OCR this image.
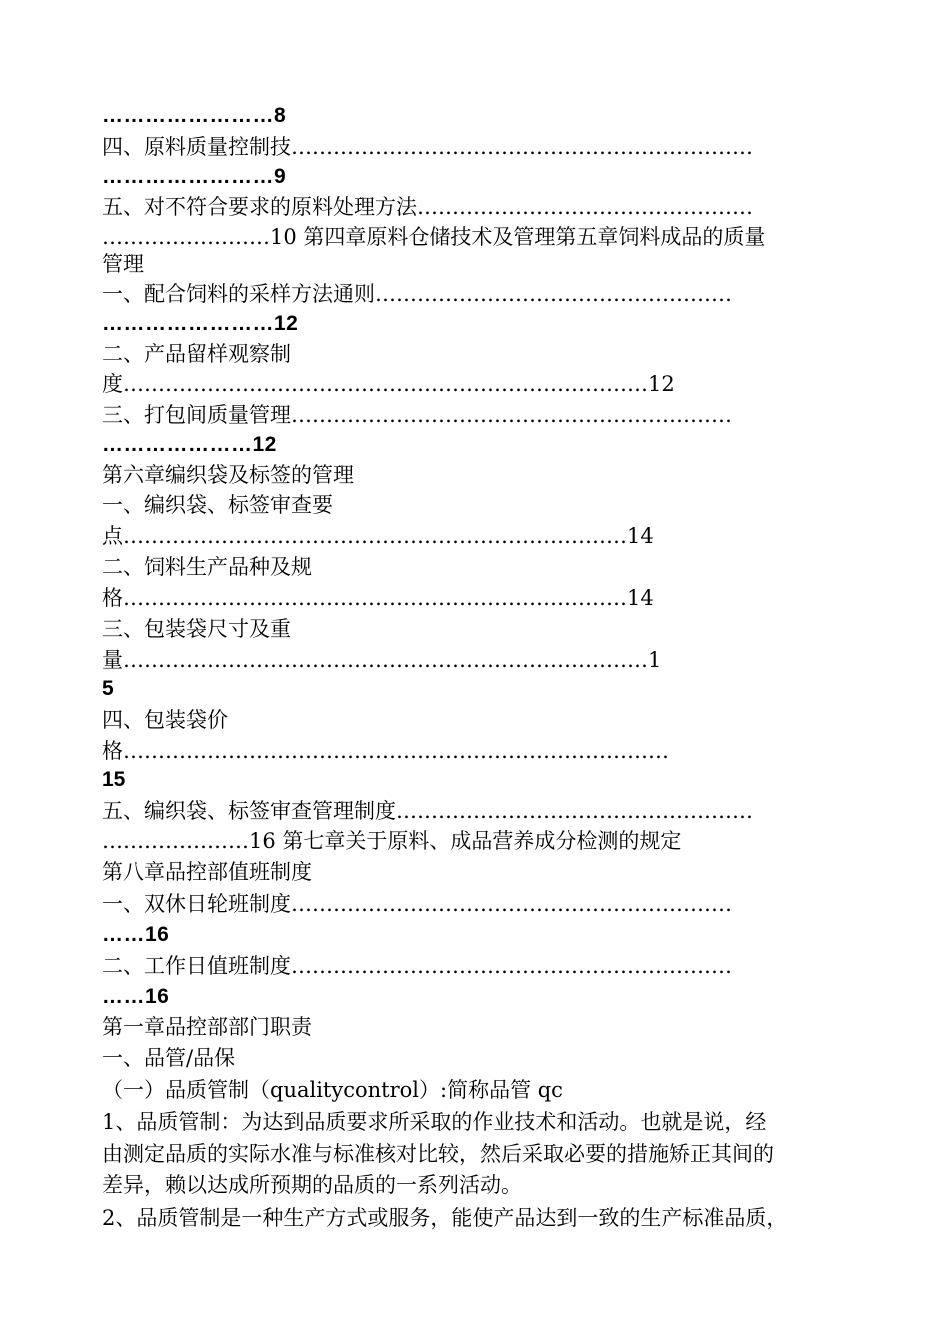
……………………8
四、原料质量控制技…………………………………………………………
……………………9
五、对不符合要求的原料处理方法…………………………………………
……………………10 第四章原料仓储技术及管理第五章饲料成品的质量
管理
一、配合饲料的采样方法通则……………………………………………
……………………12
二、产品留样观察制
度…………………………………………………………………12
三、打包间质量管理………………………………………………………
…………………12
第六章编织袋及标签的管理
一、编织袋、标签审查要
点………………………………………………………………14
二、饲料生产品种及规
格………………………………………………………………14
三、包装袋尺寸及重
量…………………………………………………………………1
5
四、包装袋价
格……………………………………………………………………
15
五、编织袋、标签审查管理制度……………………………………………
…………………16 第七章关于原料、成品营养成分检测的规定
第八章品控部值班制度
一、双休日轮班制度………………………………………………………
……16
二、工作日值班制度………………………………………………………
……16
第一章品控部部门职责
一、品管/品保
（一）品质管制（qualitycontrol）:简称品管 qc
1、品质管制：为达到品质要求所采取的作业技术和活动。也就是说，经
由测定品质的实际水准与标准核对比较，然后采取必要的措施矫正其间的
差异，赖以达成所预期的品质的一系列活动。
2、品质管制是一种生产方式或服务，能使产品达到一致的生产标准品质，
